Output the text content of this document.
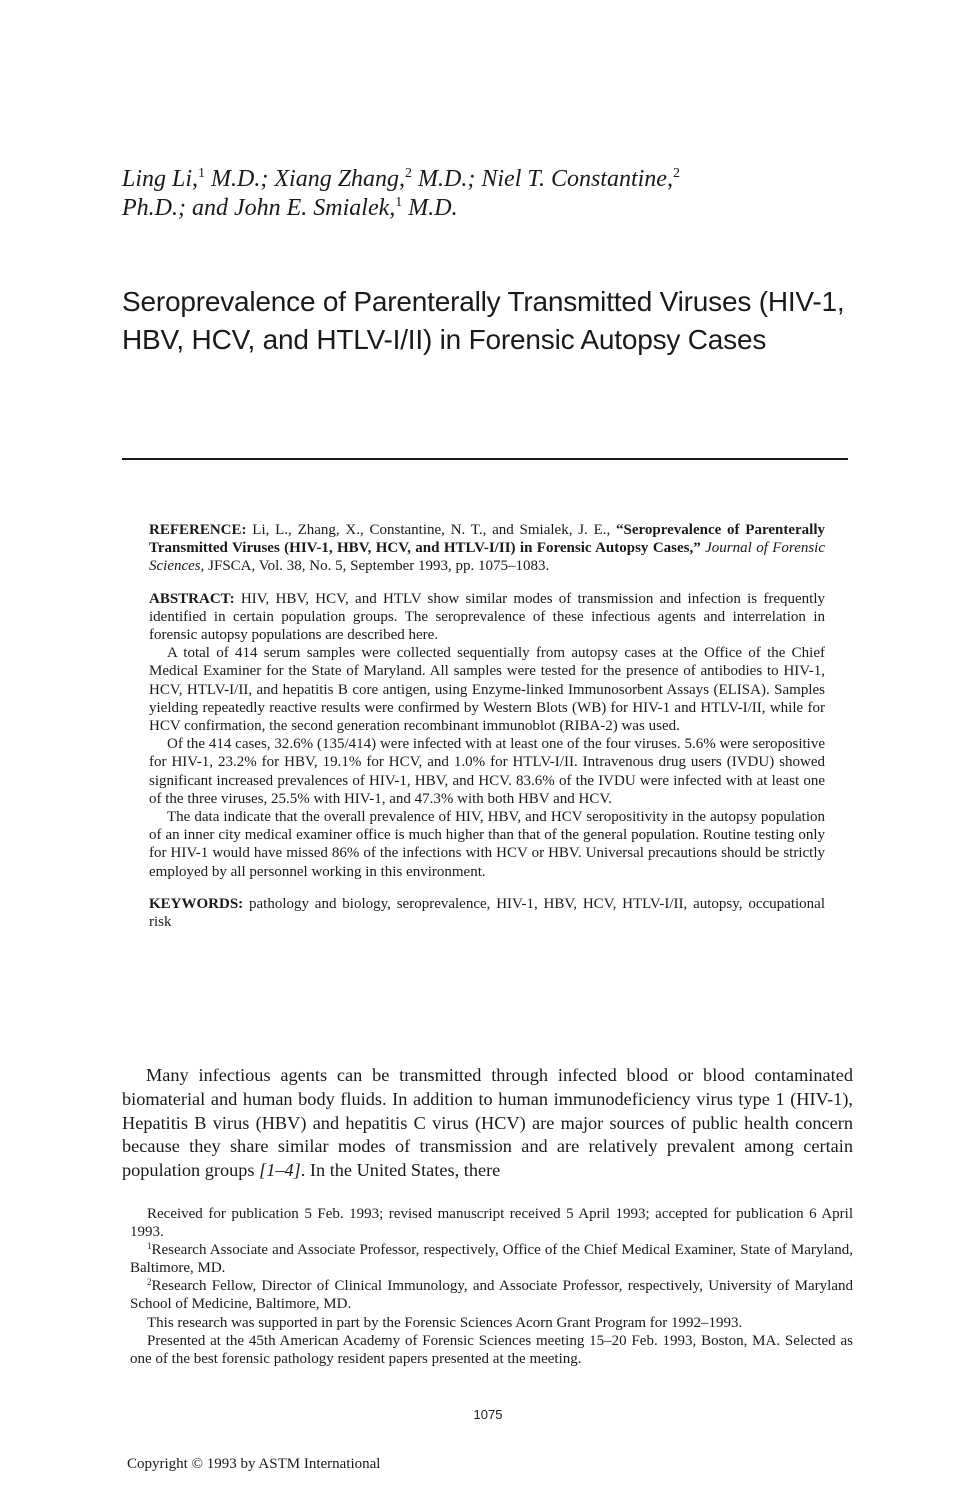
Ling Li,$^1$ M.D.; Xiang Zhang,$^2$ M.D.; Niel T. Constantine,$^2$
Ph.D.; and John E. Smialek,$^1$ M.D.
Seroprevalence of Parenterally Transmitted Viruses (HIV-1, HBV, HCV, and HTLV-I/II) in Forensic Autopsy Cases

REFERENCE: Li, L., Zhang, X., Constantine, N. T., and Smialek, J. E., “Seroprevalence of Parenterally Transmitted Viruses (HIV-1, HBV, HCV, and HTLV-I/II) in Forensic Autopsy Cases,” Journal of Forensic Sciences, JFSCA, Vol. 38, No. 5, September 1993, pp. 1075–1083.

ABSTRACT: HIV, HBV, HCV, and HTLV show similar modes of transmission and infection is frequently identified in certain population groups. The seroprevalence of these infectious agents and interrelation in forensic autopsy populations are described here.

A total of 414 serum samples were collected sequentially from autopsy cases at the Office of the Chief Medical Examiner for the State of Maryland. All samples were tested for the presence of antibodies to HIV-1, HCV, HTLV-I/II, and hepatitis B core antigen, using Enzyme-linked Immunosorbent Assays (ELISA). Samples yielding repeatedly reactive results were confirmed by Western Blots (WB) for HIV-1 and HTLV-I/II, while for HCV confirmation, the second generation recombinant immunoblot (RIBA-2) was used.

Of the 414 cases, 32.6% (135/414) were infected with at least one of the four viruses. 5.6% were seropositive for HIV-1, 23.2% for HBV, 19.1% for HCV, and 1.0% for HTLV-I/II. Intravenous drug users (IVDU) showed significant increased prevalences of HIV-1, HBV, and HCV. 83.6% of the IVDU were infected with at least one of the three viruses, 25.5% with HIV-1, and 47.3% with both HBV and HCV.

The data indicate that the overall prevalence of HIV, HBV, and HCV seropositivity in the autopsy population of an inner city medical examiner office is much higher than that of the general population. Routine testing only for HIV-1 would have missed 86% of the infections with HCV or HBV. Universal precautions should be strictly employed by all personnel working in this environment.

KEYWORDS: pathology and biology, seroprevalence, HIV-1, HBV, HCV, HTLV-I/II, autopsy, occupational risk

Many infectious agents can be transmitted through infected blood or blood contaminated biomaterial and human body fluids. In addition to human immunodeficiency virus type 1 (HIV-1), Hepatitis B virus (HBV) and hepatitis C virus (HCV) are major sources of public health concern because they share similar modes of transmission and are relatively prevalent among certain population groups [1–4]. In the United States, there

Received for publication 5 Feb. 1993; revised manuscript received 5 April 1993; accepted for publication 6 April 1993.

$^1$Research Associate and Associate Professor, respectively, Office of the Chief Medical Examiner, State of Maryland, Baltimore, MD.

$^2$Research Fellow, Director of Clinical Immunology, and Associate Professor, respectively, University of Maryland School of Medicine, Baltimore, MD.

This research was supported in part by the Forensic Sciences Acorn Grant Program for 1992–1993.

Presented at the 45th American Academy of Forensic Sciences meeting 15–20 Feb. 1993, Boston, MA. Selected as one of the best forensic pathology resident papers presented at the meeting.

1075
Copyright © 1993 by ASTM International
